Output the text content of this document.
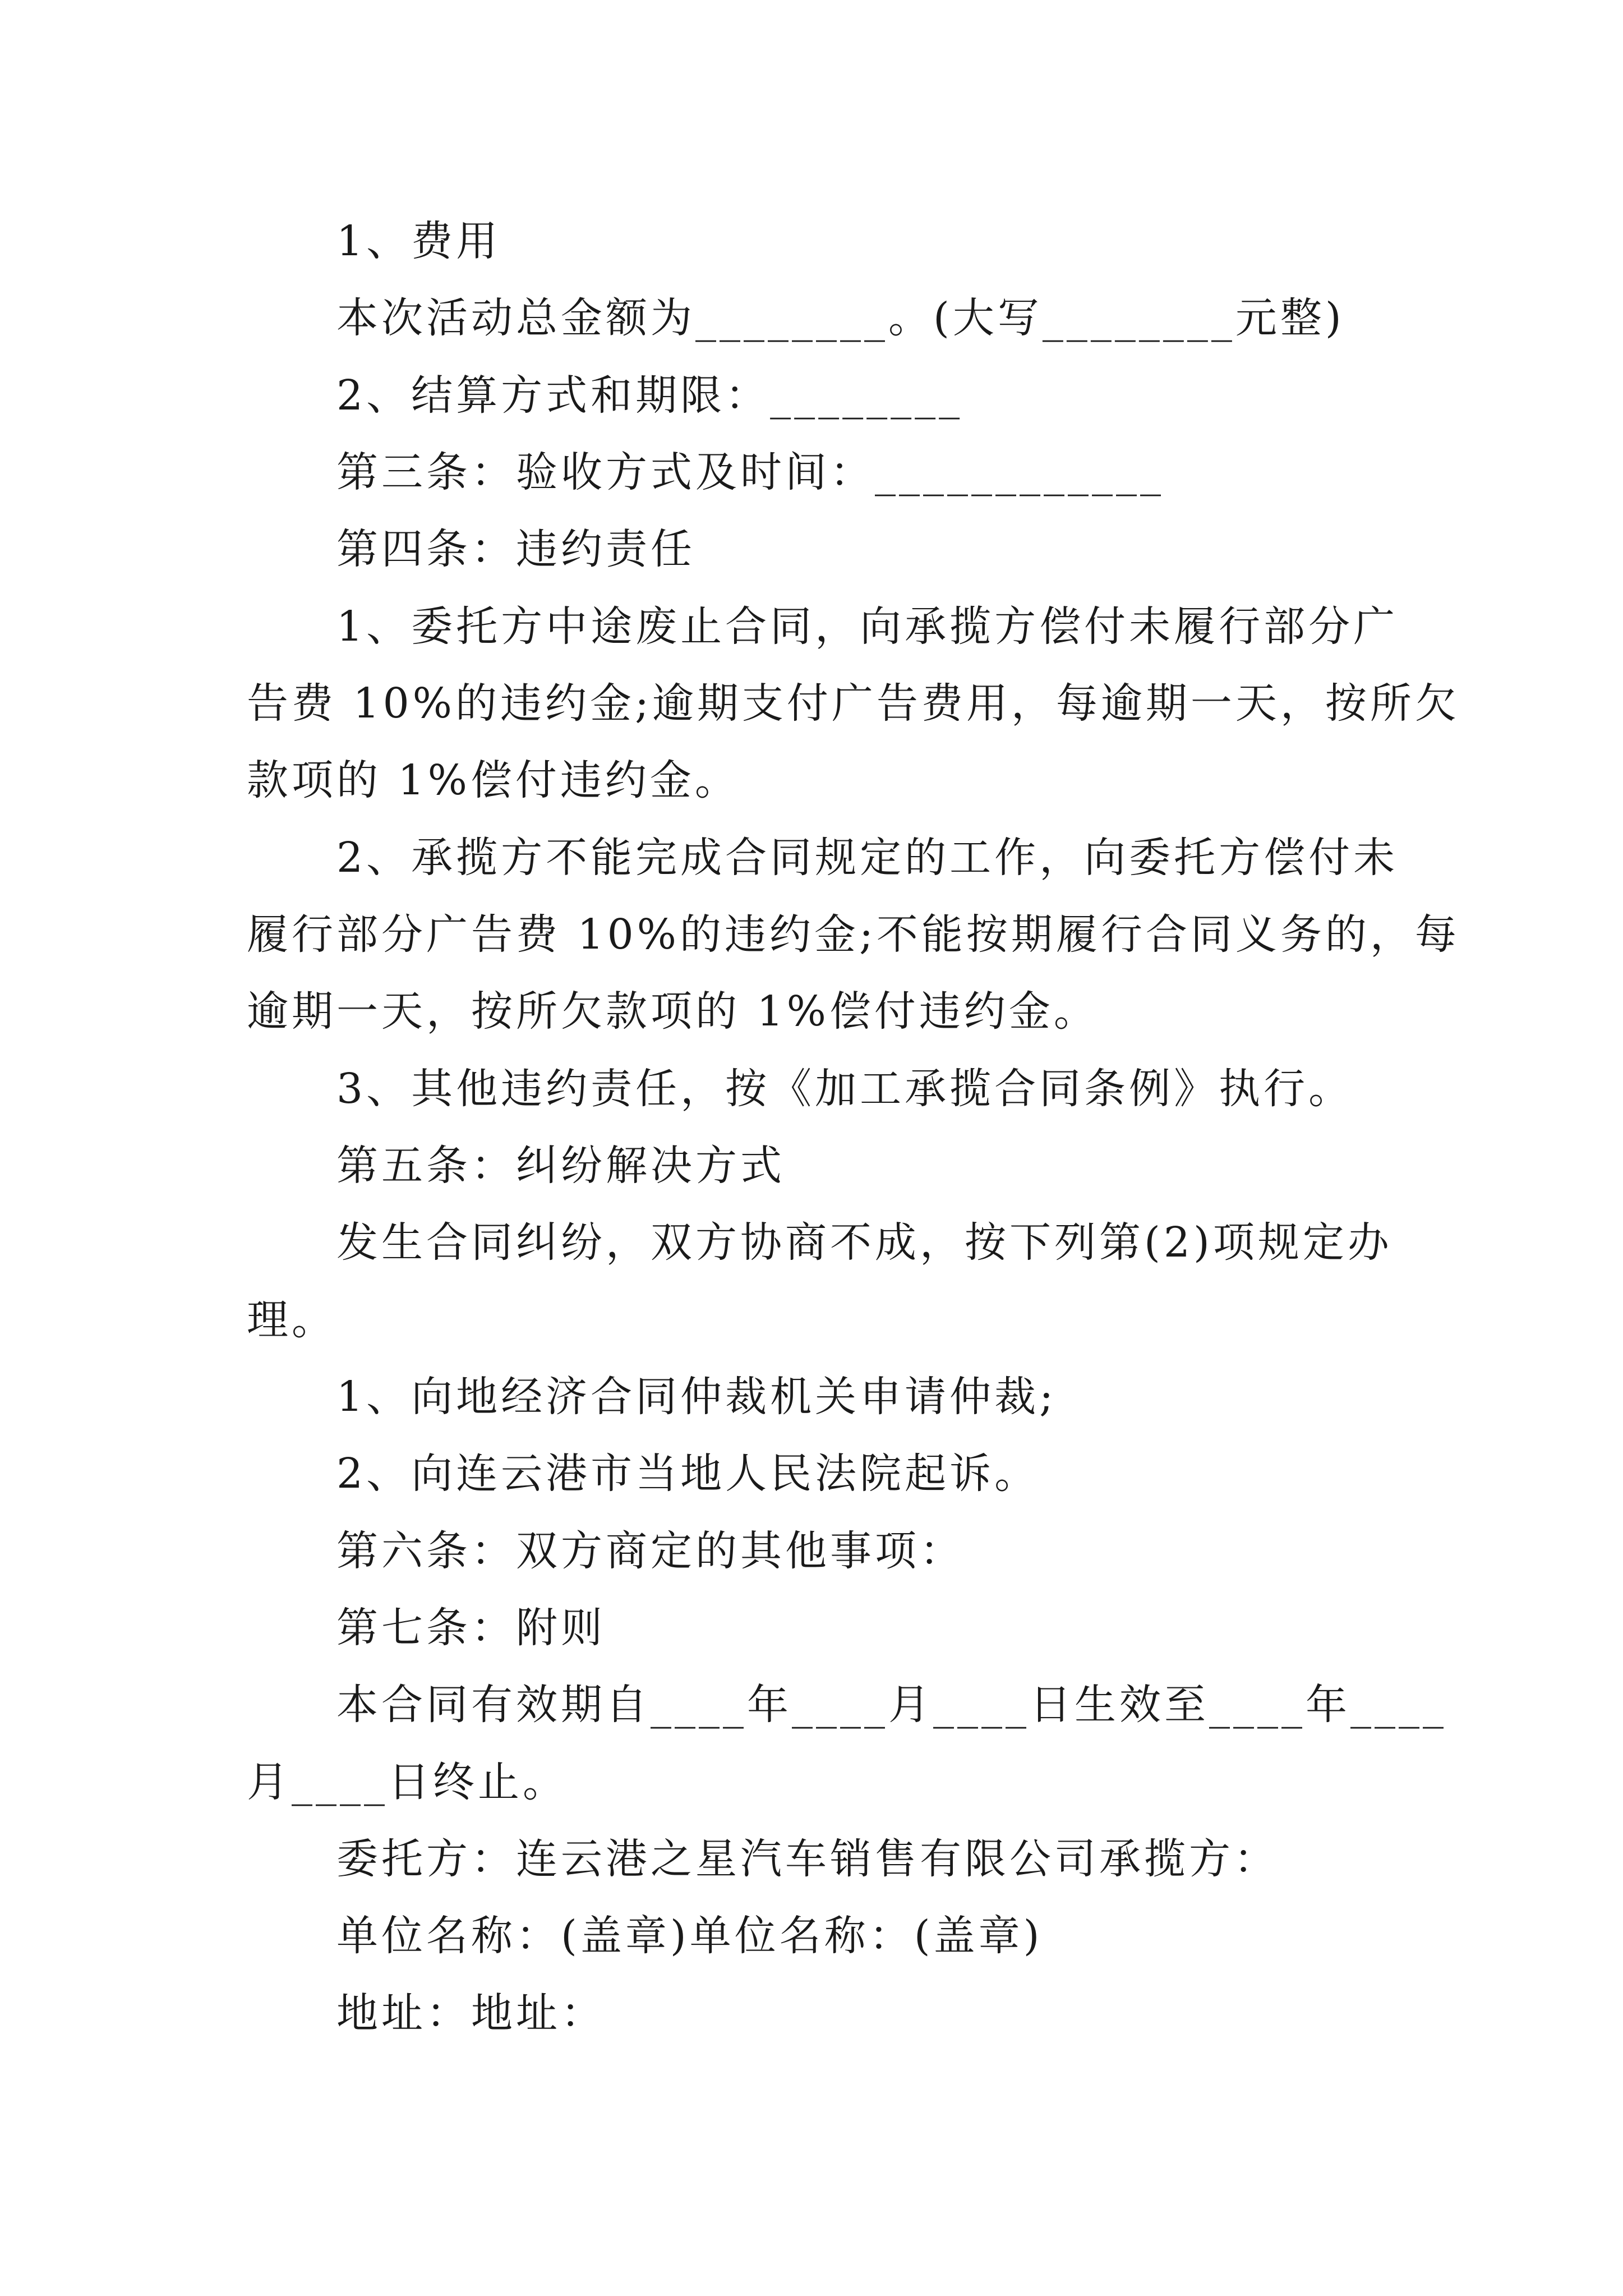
1、费用
本次活动总金额为________。(大写________元整)
2、结算方式和期限：________
第三条：验收方式及时间：____________
第四条：违约责任
1、委托方中途废止合同，向承揽方偿付未履行部分广
告费 10%的违约金;逾期支付广告费用，每逾期一天，按所欠
款项的 1%偿付违约金。
2、承揽方不能完成合同规定的工作，向委托方偿付未
履行部分广告费 10%的违约金;不能按期履行合同义务的，每
逾期一天，按所欠款项的 1%偿付违约金。
3、其他违约责任，按《加工承揽合同条例》执行。
第五条：纠纷解决方式
发生合同纠纷，双方协商不成，按下列第(2)项规定办
理。
1、向地经济合同仲裁机关申请仲裁;
2、向连云港市当地人民法院起诉。
第六条：双方商定的其他事项：
第七条：附则
本合同有效期自____年____月____日生效至____年____
月____日终止。
委托方：连云港之星汽车销售有限公司承揽方：
单位名称：(盖章)单位名称：(盖章)
地址：地址：
